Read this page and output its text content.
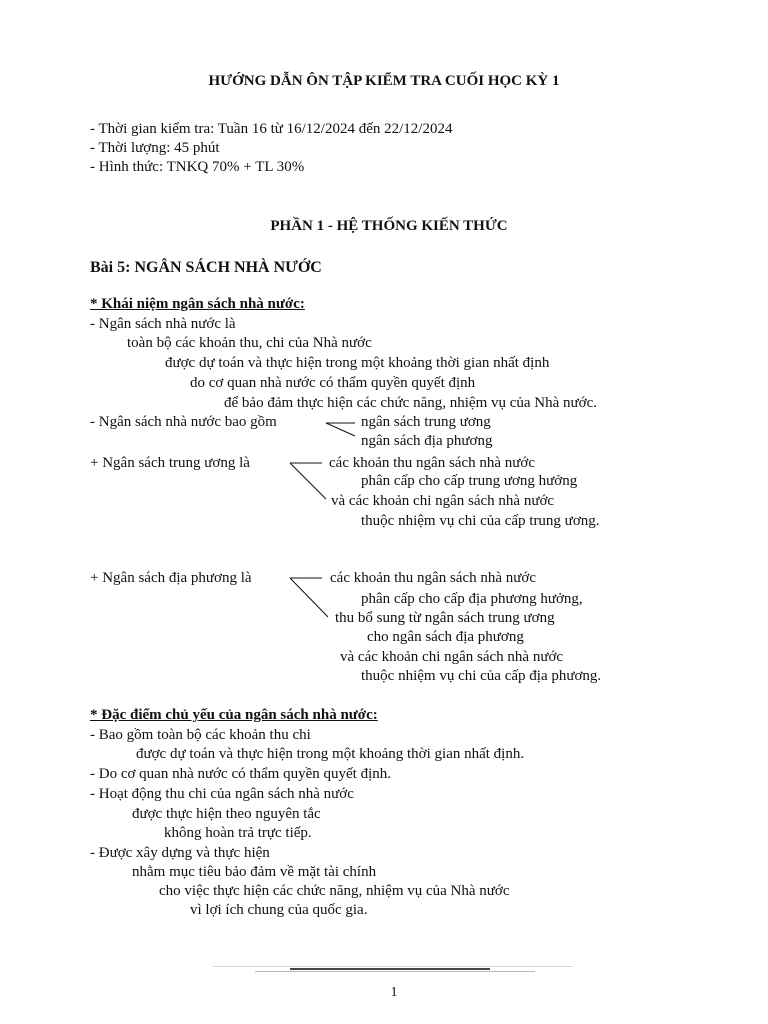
HƯỚNG DẪN ÔN TẬP KIỂM TRA CUỐI HỌC KỲ 1
- Thời gian kiểm tra: Tuần 16 từ 16/12/2024 đến 22/12/2024
- Thời lượng: 45 phút
- Hình thức: TNKQ 70% + TL 30%
PHẦN 1 - HỆ THỐNG KIẾN THỨC
Bài 5: NGÂN SÁCH NHÀ NƯỚC
* Khái niệm ngân sách nhà nước:
- Ngân sách nhà nước là
toàn bộ các khoản thu, chi của Nhà nước
được dự toán và thực hiện trong một khoảng thời gian nhất định
do cơ quan nhà nước có thẩm quyền quyết định
để bảo đảm thực hiện các chức năng, nhiệm vụ của Nhà nước.
- Ngân sách nhà nước bao gồm	ngân sách trung ương
ngân sách địa phương
+ Ngân sách trung ương là	các khoản thu ngân sách nhà nước
phân cấp cho cấp trung ương hưởng
và các khoản chi ngân sách nhà nước
thuộc nhiệm vụ chi của cấp trung ương.
+ Ngân sách địa phương là	các khoản thu ngân sách nhà nước
phân cấp cho cấp địa phương hưởng,
thu bổ sung từ ngân sách trung ương
cho ngân sách địa phương
và các khoản chi ngân sách nhà nước
thuộc nhiệm vụ chi của cấp địa phương.
* Đặc điểm chủ yếu của ngân sách nhà nước:
- Bao gồm toàn bộ các khoản thu chi
được dự toán và thực hiện trong một khoảng thời gian nhất định.
- Do cơ quan nhà nước có thẩm quyền quyết định.
- Hoạt động thu chi của ngân sách nhà nước
được thực hiện theo nguyên tắc
không hoàn trả trực tiếp.
- Được xây dựng và thực hiện
nhằm mục tiêu bảo đảm về mặt tài chính
cho việc thực hiện các chức năng, nhiệm vụ của Nhà nước
vì lợi ích chung của quốc gia.
1
